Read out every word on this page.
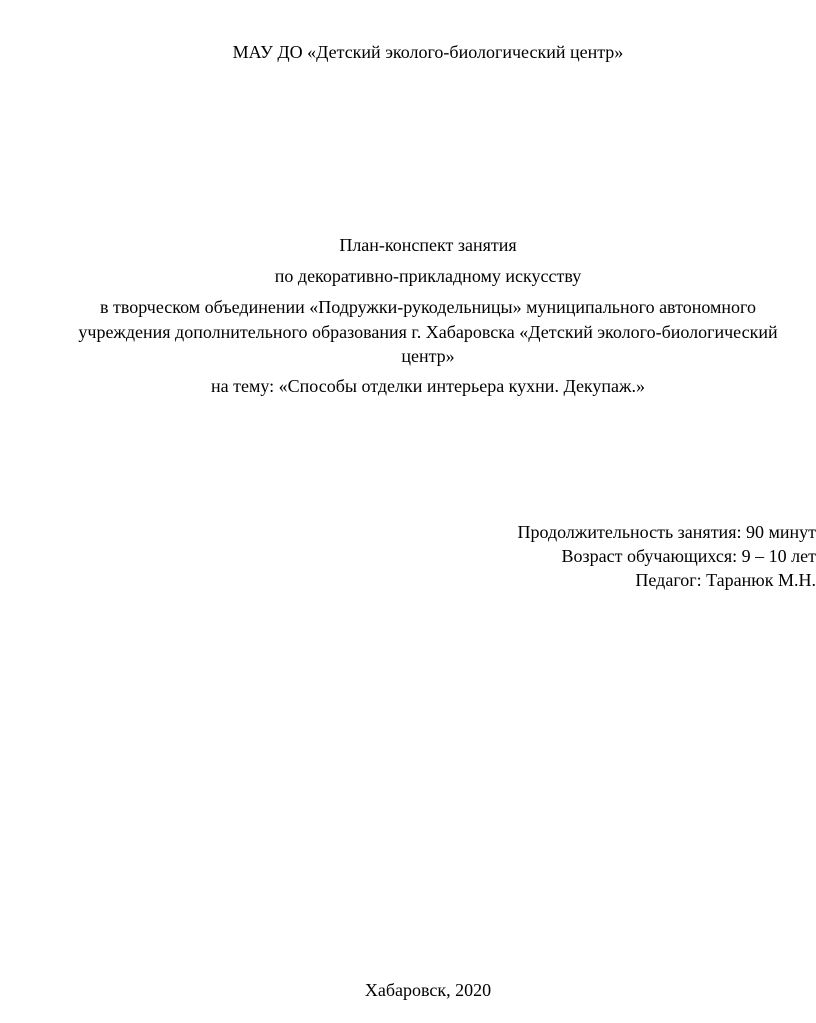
МАУ ДО «Детский эколого-биологический центр»
План-конспект занятия
по декоративно-прикладному искусству
в творческом объединении «Подружки-рукодельницы» муниципального автономного
учреждения дополнительного образования г. Хабаровска «Детский эколого-биологический
центр»
на тему: «Способы отделки интерьера кухни. Декупаж.»
Продолжительность занятия: 90 минут
Возраст обучающихся: 9 – 10 лет
Педагог: Таранюк М.Н.
Хабаровск, 2020
